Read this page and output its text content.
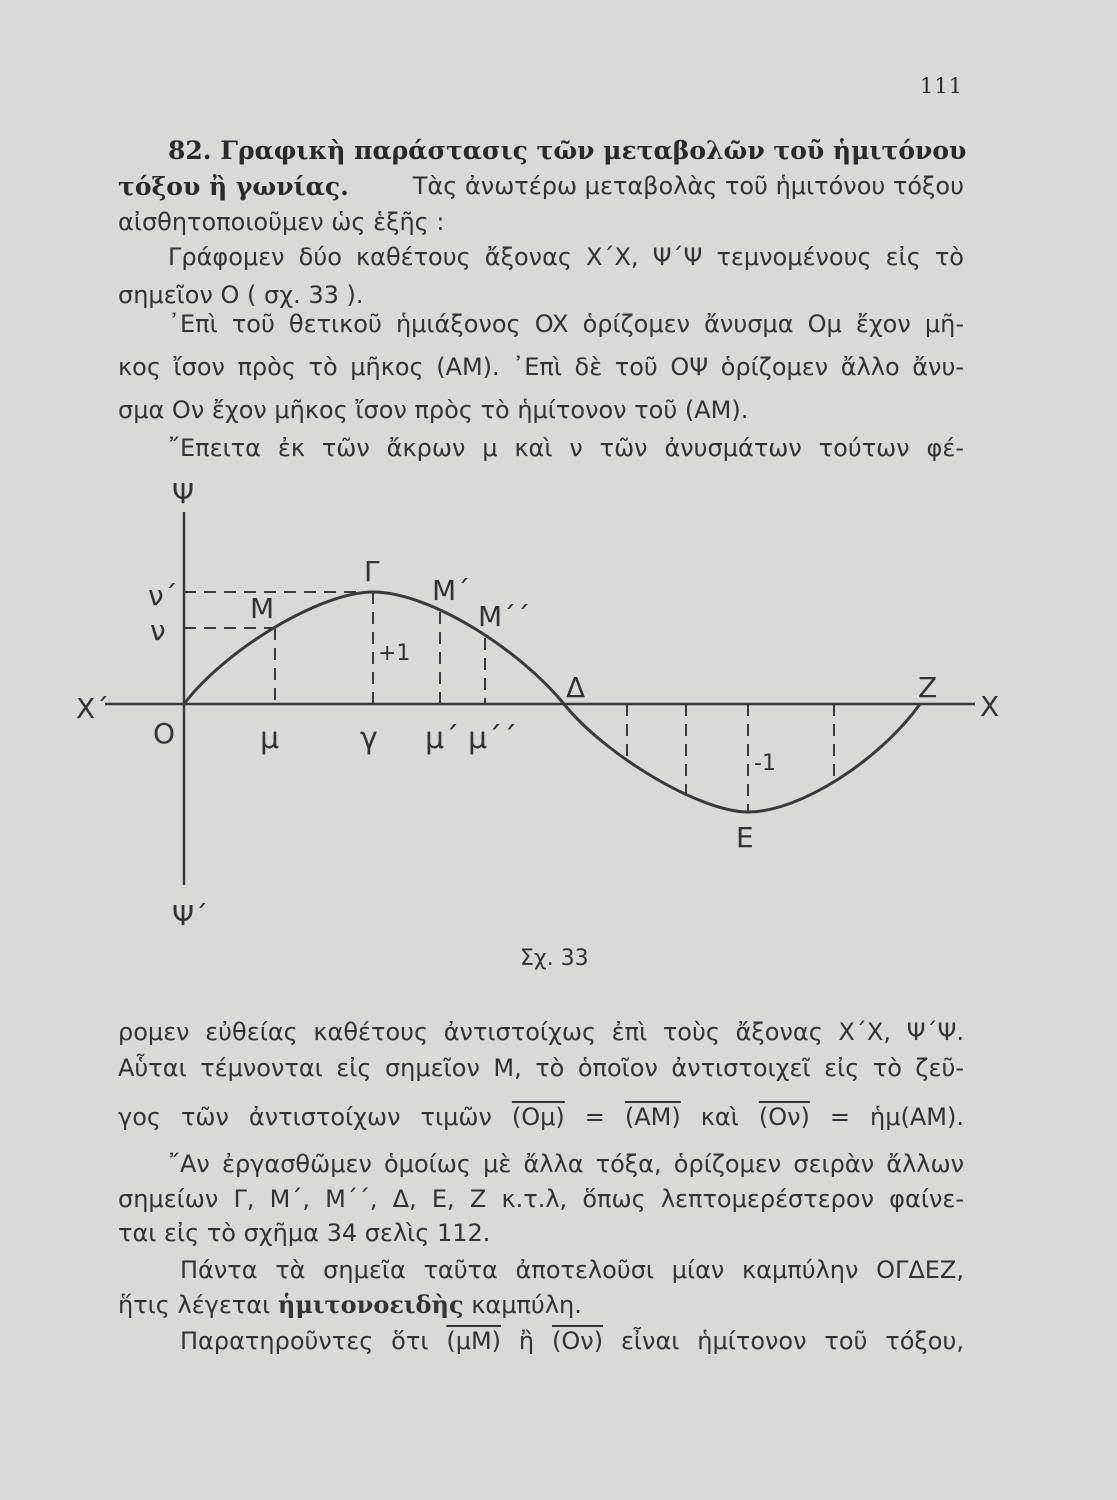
111
82. Γραφικὴ παράστασις τῶν μεταβολῶν τοῦ ἡμιτόνου
τόξου ἢ γωνίας.	Τὰς ἀνωτέρω μεταβολὰς τοῦ ἡμιτόνου τόξου
αἰσθητοποιοῦμεν ὡς ἑξῆς :
Γράφομεν δύο καθέτους ἄξονας X΄X, Ψ΄Ψ τεμνομένους εἰς τὸ
σημεῖον O ( σχ. 33 ).
᾽Επὶ τοῦ θετικοῦ ἡμιάξονος OX ὁρίζομεν ἄνυσμα Oμ ἔχον μῆ-
κος ἴσον πρὸς τὸ μῆκος (AM). ᾽Επὶ δὲ τοῦ OΨ ὁρίζομεν ἄλλο ἄνυ-
σμα Oν ἔχον μῆκος ἴσον πρὸς τὸ ἡμίτονον τοῦ (AM).
῎Επειτα ἐκ τῶν ἄκρων μ καὶ ν τῶν ἀνυσμάτων τούτων φέ-
Ψ
Ψ΄
X΄	X
O
ν΄
ν
M
Γ
M΄
M΄΄
Δ
E
Z
μ	γ μ΄ μ΄΄
+1
-1
Σχ. 33
ρομεν εὐθείας καθέτους ἀντιστοίχως ἐπὶ τοὺς ἄξονας X΄X, Ψ΄Ψ.
Αὗται τέμνονται εἰς σημεῖον M, τὸ ὁποῖον ἀντιστοιχεῖ εἰς τὸ ζεῦ-
γος τῶν ἀντιστοίχων τιμῶν (Oμ) = (AM) καὶ (Oν) = ἡμ(AM).
῎Αν ἐργασθῶμεν ὁμοίως μὲ ἄλλα τόξα, ὁρίζομεν σειρὰν ἄλλων
σημείων Γ, M΄, M΄΄, Δ, E, Z κ.τ.λ, ὅπως λεπτομερέστερον φαίνε-
ται εἰς τὸ σχῆμα 34 σελὶς 112.
Πάντα τὰ σημεῖα ταῦτα ἀποτελοῦσι μίαν καμπύλην OΓΔEZ,
ἥτις λέγεται ἡμιτονοειδὴς καμπύλη.
Παρατηροῦντες ὅτι (μM) ἢ (Oν) εἶναι ἡμίτονον τοῦ τόξου,
